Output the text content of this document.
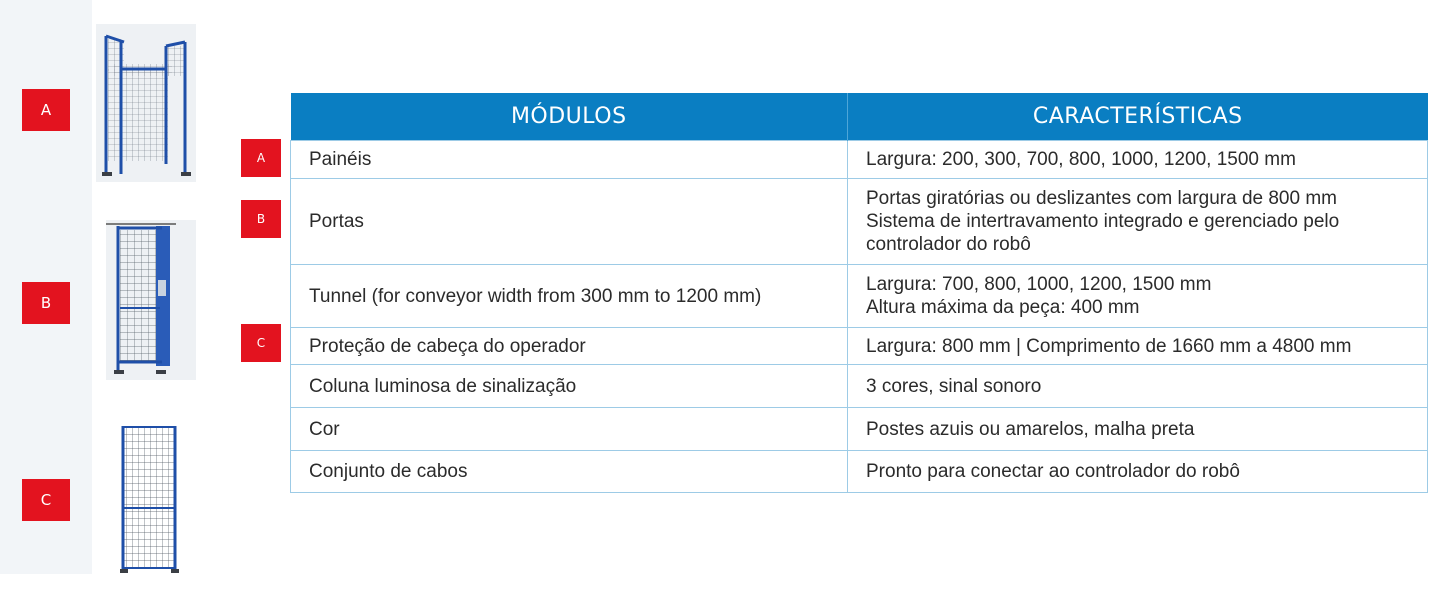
A
B
C
A
B
C
MÓDULOS	CARACTERÍSTICAS
Painéis	Largura: 200, 300, 700, 800, 1000, 1200, 1500 mm

Portas	Portas giratórias ou deslizantes com largura de 800 mm
Sistema de intertravamento integrado e gerenciado pelo
controlador do robô

Tunnel (for conveyor width from 300 mm to 1200 mm)	Largura: 700, 800, 1000, 1200, 1500 mm
Altura máxima da peça: 400 mm

Proteção de cabeça do operador	Largura: 800 mm | Comprimento de 1660 mm a 4800 mm

Coluna luminosa de sinalização	3 cores, sinal sonoro

Cor	Postes azuis ou amarelos, malha preta

Conjunto de cabos	Pronto para conectar ao controlador do robô
